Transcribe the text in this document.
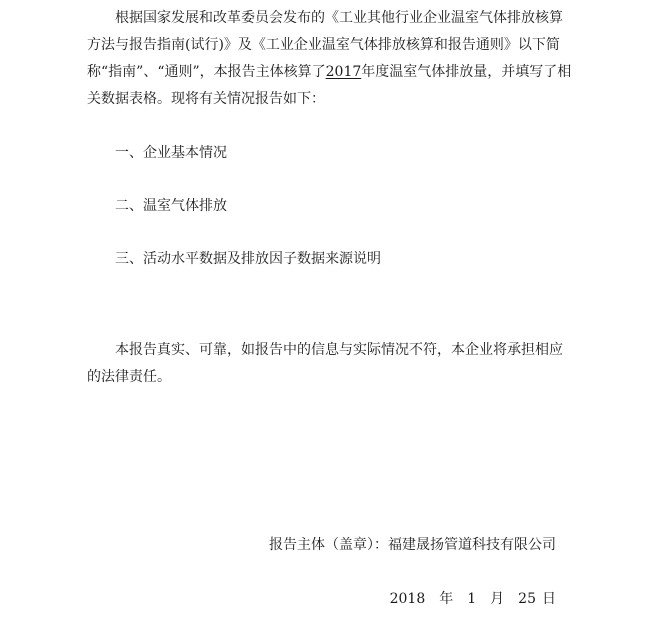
根据国家发展和改革委员会发布的《工业其他行业企业温室气体排放核算
方法与报告指南(试行)》及《工业企业温室气体排放核算和报告通则》以下简
称“指南”、“通则”，本报告主体核算了2017年度温室气体排放量，并填写了相
关数据表格。现将有关情况报告如下：
一、企业基本情况
二、温室气体排放
三、活动水平数据及排放因子数据来源说明
本报告真实、可靠，如报告中的信息与实际情况不符，本企业将承担相应
的法律责任。
报告主体（盖章）：福建晟扬管道科技有限公司
2018 年 1 月 25 日
